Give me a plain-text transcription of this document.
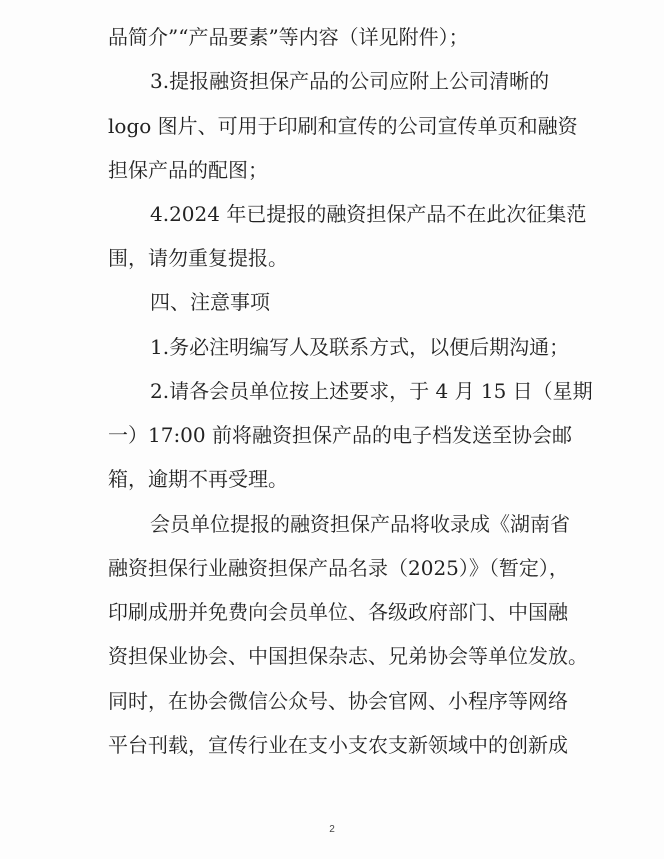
品简介”“产品要素”等内容（详见附件）；
3.提报融资担保产品的公司应附上公司清晰的
logo 图片、可用于印刷和宣传的公司宣传单页和融资
担保产品的配图；
4.2024 年已提报的融资担保产品不在此次征集范
围，请勿重复提报。
四、注意事项
1.务必注明编写人及联系方式，以便后期沟通；
2.请各会员单位按上述要求，于 4 月 15 日（星期
一）17:00 前将融资担保产品的电子档发送至协会邮
箱，逾期不再受理。
会员单位提报的融资担保产品将收录成《湖南省
融资担保行业融资担保产品名录（2025）》（暂定），
印刷成册并免费向会员单位、各级政府部门、中国融
资担保业协会、中国担保杂志、兄弟协会等单位发放。
同时，在协会微信公众号、协会官网、小程序等网络
平台刊载，宣传行业在支小支农支新领域中的创新成
2
